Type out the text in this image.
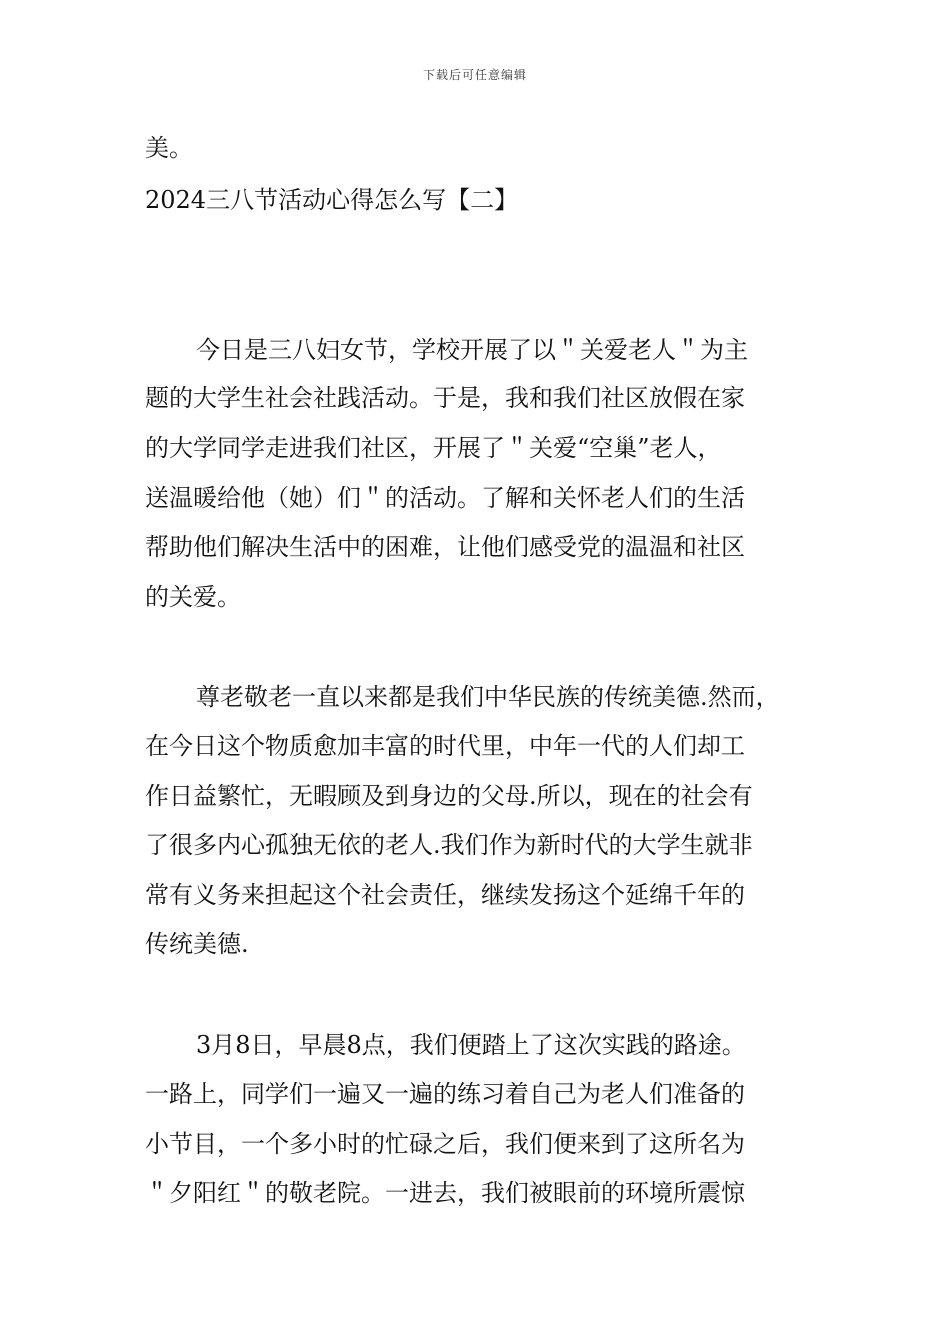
下载后可任意编辑
美。
2024三八节活动心得怎么写【二】
今日是三八妇女节，学校开展了以＂关爱老人＂为主
题的大学生社会社践活动。于是，我和我们社区放假在家
的大学同学走进我们社区，开展了＂关爱“空巢”老人，
送温暖给他（她）们＂的活动。了解和关怀老人们的生活
帮助他们解决生活中的困难，让他们感受党的温温和社区
的关爱。
尊老敬老一直以来都是我们中华民族的传统美德.然而，
在今日这个物质愈加丰富的时代里，中年一代的人们却工
作日益繁忙，无暇顾及到身边的父母.所以，现在的社会有
了很多内心孤独无依的老人.我们作为新时代的大学生就非
常有义务来担起这个社会责任，继续发扬这个延绵千年的
传统美德.
3月8日，早晨8点，我们便踏上了这次实践的路途。
一路上，同学们一遍又一遍的练习着自己为老人们准备的
小节目，一个多小时的忙碌之后，我们便来到了这所名为
＂夕阳红＂的敬老院。一进去，我们被眼前的环境所震惊
